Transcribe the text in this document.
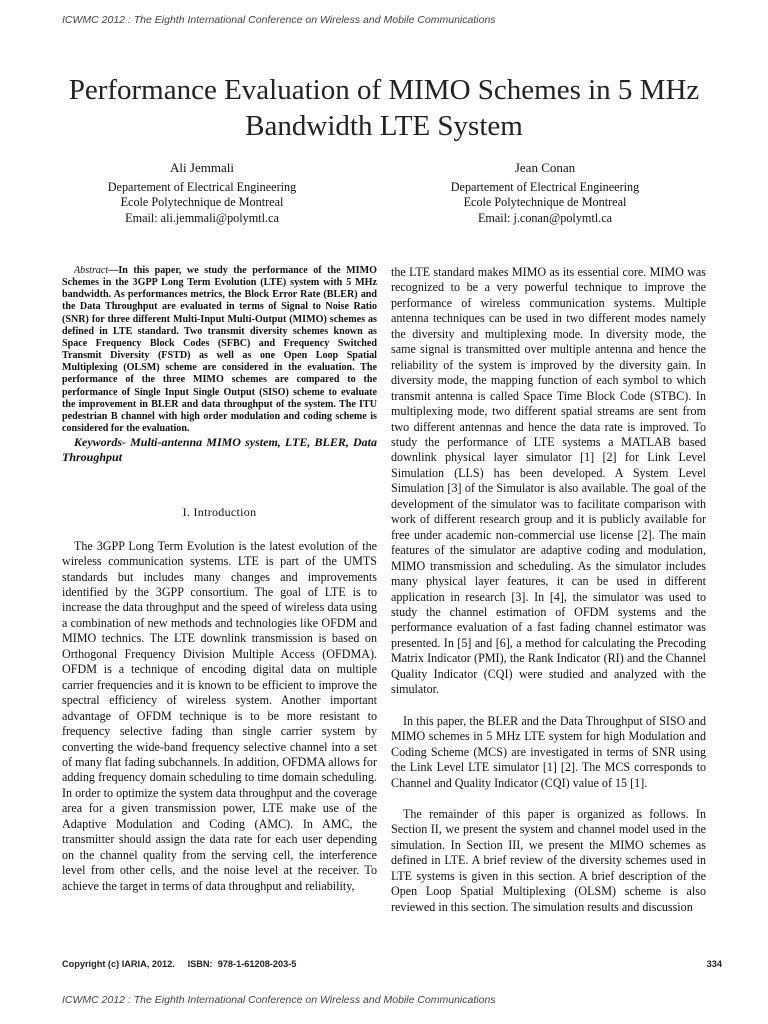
ICWMC 2012 : The Eighth International Conference on Wireless and Mobile Communications
Performance Evaluation of MIMO Schemes in 5 MHz Bandwidth LTE System
Ali Jemmali
Departement of Electrical Engineering
Ecole Polytechnique de Montreal
Email: ali.jemmali@polymtl.ca
Jean Conan
Departement of Electrical Engineering
Ecole Polytechnique de Montreal
Email: j.conan@polymtl.ca

Abstract—In this paper, we study the performance of the MIMO Schemes in the 3GPP Long Term Evolution (LTE) system with 5 MHz bandwidth. As performances metrics, the Block Error Rate (BLER) and the Data Throughput are evaluated in terms of Signal to Noise Ratio (SNR) for three different Multi-Input Multi-Output (MIMO) schemes as defined in LTE standard. Two transmit diversity schemes known as Space Frequency Block Codes (SFBC) and Frequency Switched Transmit Diversity (FSTD) as well as one Open Loop Spatial Multiplexing (OLSM) scheme are considered in the evaluation. The performance of the three MIMO schemes are compared to the performance of Single Input Single Output (SISO) scheme to evaluate the improvement in BLER and data throughput of the system. The ITU pedestrian B channel with high order modulation and coding scheme is considered for the evaluation.

Keywords- Multi-antenna MIMO system, LTE, BLER, Data Throughput

I. Introduction

The 3GPP Long Term Evolution is the latest evolution of the wireless communication systems. LTE is part of the UMTS standards but includes many changes and improvements identified by the 3GPP consortium. The goal of LTE is to increase the data throughput and the speed of wireless data using a combination of new methods and technologies like OFDM and MIMO technics. The LTE downlink transmission is based on Orthogonal Frequency Division Multiple Access (OFDMA). OFDM is a technique of encoding digital data on multiple carrier frequencies and it is known to be efficient to improve the spectral efficiency of wireless system. Another important advantage of OFDM technique is to be more resistant to frequency selective fading than single carrier system by converting the wide-band frequency selective channel into a set of many flat fading subchannels. In addition, OFDMA allows for adding frequency domain scheduling to time domain scheduling. In order to optimize the system data throughput and the coverage area for a given transmission power, LTE make use of the Adaptive Modulation and Coding (AMC). In AMC, the transmitter should assign the data rate for each user depending on the channel quality from the serving cell, the interference level from other cells, and the noise level at the receiver. To achieve the target in terms of data throughput and reliability,

the LTE standard makes MIMO as its essential core. MIMO was recognized to be a very powerful technique to improve the performance of wireless communication systems. Multiple antenna techniques can be used in two different modes namely the diversity and multiplexing mode. In diversity mode, the same signal is transmitted over multiple antenna and hence the reliability of the system is improved by the diversity gain. In diversity mode, the mapping function of each symbol to which transmit antenna is called Space Time Block Code (STBC). In multiplexing mode, two different spatial streams are sent from two different antennas and hence the data rate is improved. To study the performance of LTE systems a MATLAB based downlink physical layer simulator [1] [2] for Link Level Simulation (LLS) has been developed. A System Level Simulation [3] of the Simulator is also available. The goal of the development of the simulator was to facilitate comparison with work of different research group and it is publicly available for free under academic non-commercial use license [2]. The main features of the simulator are adaptive coding and modulation, MIMO transmission and scheduling. As the simulator includes many physical layer features, it can be used in different application in research [3]. In [4], the simulator was used to study the channel estimation of OFDM systems and the performance evaluation of a fast fading channel estimator was presented. In [5] and [6], a method for calculating the Precoding Matrix Indicator (PMI), the Rank Indicator (RI) and the Channel Quality Indicator (CQI) were studied and analyzed with the simulator.

In this paper, the BLER and the Data Throughput of SISO and MIMO schemes in 5 MHz LTE system for high Modulation and Coding Scheme (MCS) are investigated in terms of SNR using the Link Level LTE simulator [1] [2]. The MCS corresponds to Channel and Quality Indicator (CQI) value of 15 [1].

The remainder of this paper is organized as follows. In Section II, we present the system and channel model used in the simulation. In Section III, we present the MIMO schemes as defined in LTE. A brief review of the diversity schemes used in LTE systems is given in this section. A brief description of the Open Loop Spatial Multiplexing (OLSM) scheme is also reviewed in this section. The simulation results and discussion

Copyright (c) IARIA, 2012.     ISBN:  978-1-61208-203-5	334
ICWMC 2012 : The Eighth International Conference on Wireless and Mobile Communications
